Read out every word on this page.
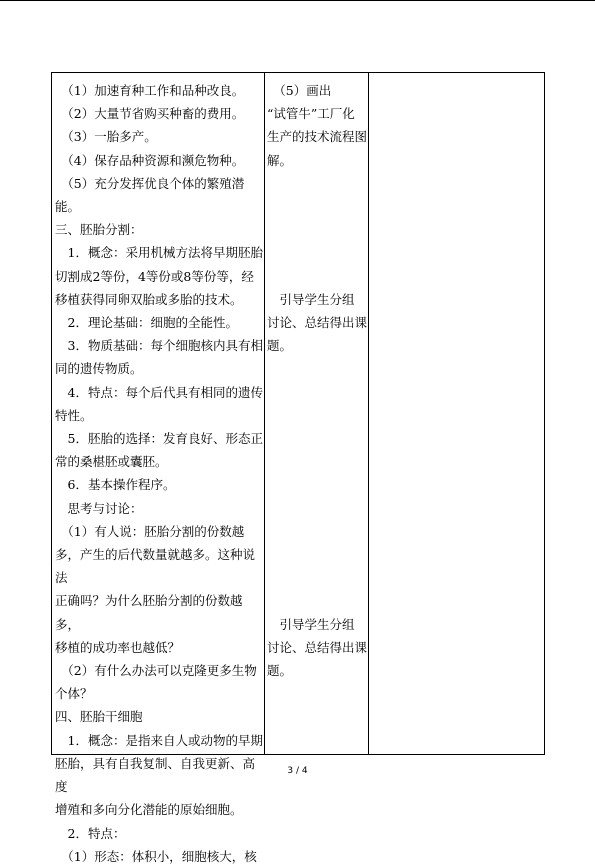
　（1）加速育种工作和品种改良。

　（2）大量节省购买种畜的费用。

　（3）一胎多产。

　（4）保存品种资源和濒危物种。

　（5）充分发挥优良个体的繁殖潜

能。

三、胚胎分割：

　1．概念：采用机械方法将早期胚胎

切割成2等份，4等份或8等份等，经

移植获得同卵双胎或多胎的技术。

　2．理论基础：细胞的全能性。

　3．物质基础：每个细胞核内具有相

同的遗传物质。

　4．特点：每个后代具有相同的遗传

特性。

　5．胚胎的选择：发育良好、形态正

常的桑椹胚或囊胚。

　6．基本操作程序。

　思考与讨论：

　（1）有人说：胚胎分割的份数越

多，产生的后代数量就越多。这种说法

正确吗？为什么胚胎分割的份数越多，

移植的成功率也越低？

　（2）有什么办法可以克隆更多生物

个体？

四、胚胎干细胞

　1．概念：是指来自人或动物的早期

胚胎，具有自我复制、自我更新、高度

增殖和多向分化潜能的原始细胞。

　2．特点：

　（1）形态：体积小，细胞核大，核

　（5）画出

“试管牛”工厂化

生产的技术流程图

解。

　引导学生分组

讨论、总结得出课

题。

　引导学生分组

讨论、总结得出课

题。

3 / 4
